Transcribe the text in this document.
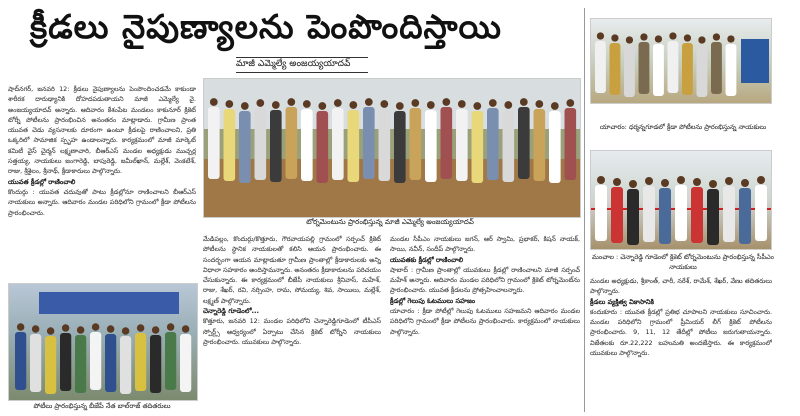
క్రీడలు నైపుణ్యాలను పెంపొందిస్తాయి
మాజీ ఎమ్మెల్యే అంజయ్యయాదవ్

షాద్‌నగర్, జనవరి 12: క్రీడలు నైపుణ్యాలను పెంపొందించడమే కాకుండా శారీరక దారుఢ్యానికి దోహదపడుతాయని మాజీ ఎమ్మెల్యే వై. అంజయ్యయాదవ్ అన్నారు. ఆదివారం కేశంపేట మండలం కాకునూర్ క్రికెట్ టోర్నీ పోటీలను ప్రారంభించిన అనంతరం మాట్లాడారు. గ్రామీణ ప్రాంత యువత చెడు వ్యసనాలకు దూరంగా ఉంటూ క్రీడలపై రాణించాలని, ప్రతి ఒక్కరిలో సామాజిక స్పృహ ఉండాలన్నారు. కార్యక్రమంలో మాజీ మార్కెట్ కమిటీ వైస్ చైర్మన్ లక్ష్మణాచారి, బీఆర్ఎస్ మండల అధ్యక్షుడు ముచ్చర్ల సత్తయ్య, నాయకులు జంగారెడ్డి, బాపురెడ్డి, జమీల్‌ఖాన్, మల్లేశ్, వెంకటేశ్, రాజు, శ్రీశైలం, శ్రీనాథ్, క్రీడాకారులు పాల్గొన్నారు.

యువత క్రీడల్లో రాణించాలి

కొందుర్గు : యువత చదువుతో పాటు క్రీడల్లోనూ రాణించాలని బీఆర్ఎస్ నాయకులు అన్నారు. ఆదివారం మండల పరిధిలోని గ్రామంలో క్రీడా పోటీలను ప్రారంభించారు.

టోర్నమెంటును ప్రారంభిస్తున్న మాజీ ఎమ్మెల్యే అంజయ్యయాదవ్

మేడిపల్లం, కొందుర్గు/కొత్తూరు, గౌరవాయపల్లి గ్రామంలో సర్పంచ్ క్రికెట్ పోటీలను స్థానిక నాయకులతో కలిసి ఆయన ప్రారంభించారు. ఈ సందర్భంగా ఆయన మాట్లాడుతూ గ్రామీణ ప్రాంతాల్లో క్రీడాకారులకు అన్ని విధాలా సహకారం అందిస్తామన్నారు. అనంతరం క్రీడాకారులను పరిచయం చేసుకున్నారు. ఈ కార్యక్రమంలో బీజేపీ నాయకులు శ్రీనివాస్, మహేశ్, రాజు, శేఖర్, రవి, నర్సింహ, రామ, సోమయ్య, శివ, సాయిలు, మల్లేశ్, లక్ష్మణ్ పాల్గొన్నారు.

చెన్నారెడ్డి గూడెంలో...

కొత్తూరు, జనవరి 12: మండల పరిధిలోని చెన్నారెడ్డిగూడెంలో టీపీఎస్ స్పోర్ట్స్ ఆధ్వర్యంలో ఏర్పాటు చేసిన క్రికెట్ టోర్నీని నాయకులు ప్రారంభించారు. యువకులు పాల్గొన్నారు.

మండల సీపీఎం నాయకులు జగన్, ఆర్ స్వామి, ప్రభాకర్, కిషన్ నాయక్, సాయి, నవీన్, సందీప్ పాల్గొన్నారు.

యువతకు క్రీడల్లో రాణించాలి

షాబాద్ : గ్రామీణ ప్రాంతాల్లో యువకులు క్రీడల్లో రాణించాలని మాజీ సర్పంచ్ మహేశ్ అన్నారు. ఆదివారం మండల పరిధిలోని గ్రామంలో క్రికెట్ టోర్నమెంట్‌ను ప్రారంభించారు. యువత క్రీడలను ప్రోత్సహించాలన్నారు.

క్రీడల్లో గెలుపు ఓటములు సహజం

యాచారం : క్రీడా పోటీల్లో గెలుపు ఓటములు సహజమని ఆదివారం మండల పరిధిలోని గ్రామంలో క్రీడా పోటీలను ప్రారంభించారు. కార్యక్రమంలో నాయకులు పాల్గొన్నారు.

పోటీలు ప్రారంభిస్తున్న బీజేపీ నేత బాల్‌రాజ్ తదితరులు
యాచారం: ధర్మన్నగూడలో క్రీడా పోటీలను ప్రారంభిస్తున్న నాయకులు
మంచాల : చెన్నారెడ్డి గూడెంలో క్రికెట్ టోర్నమెంటును ప్రారంభిస్తున్న సీపీఎం నాయకులు

మండల అధ్యక్షుడు, శ్రీకాంత్, చారీ, నరేశ్, రామేశ్, శేఖర్, వేణు తదితరులు పాల్గొన్నారు.

క్రీడలు వ్యక్తిత్వ వికాసానికి

కందుకూరు : యువత క్రీడల్లో ప్రతిభ చూపాలని నాయకులు సూచించారు. మండల పరిధిలోని గ్రామంలో ప్రీమియర్ లీగ్ క్రికెట్ పోటీలను ప్రారంభించారు. 9, 11, 12 తేదీల్లో పోటీలు జరుగుతాయన్నారు. విజేతలకు రూ.22,222 బహుమతి అందజేస్తారు. ఈ కార్యక్రమంలో యువకులు పాల్గొన్నారు.
